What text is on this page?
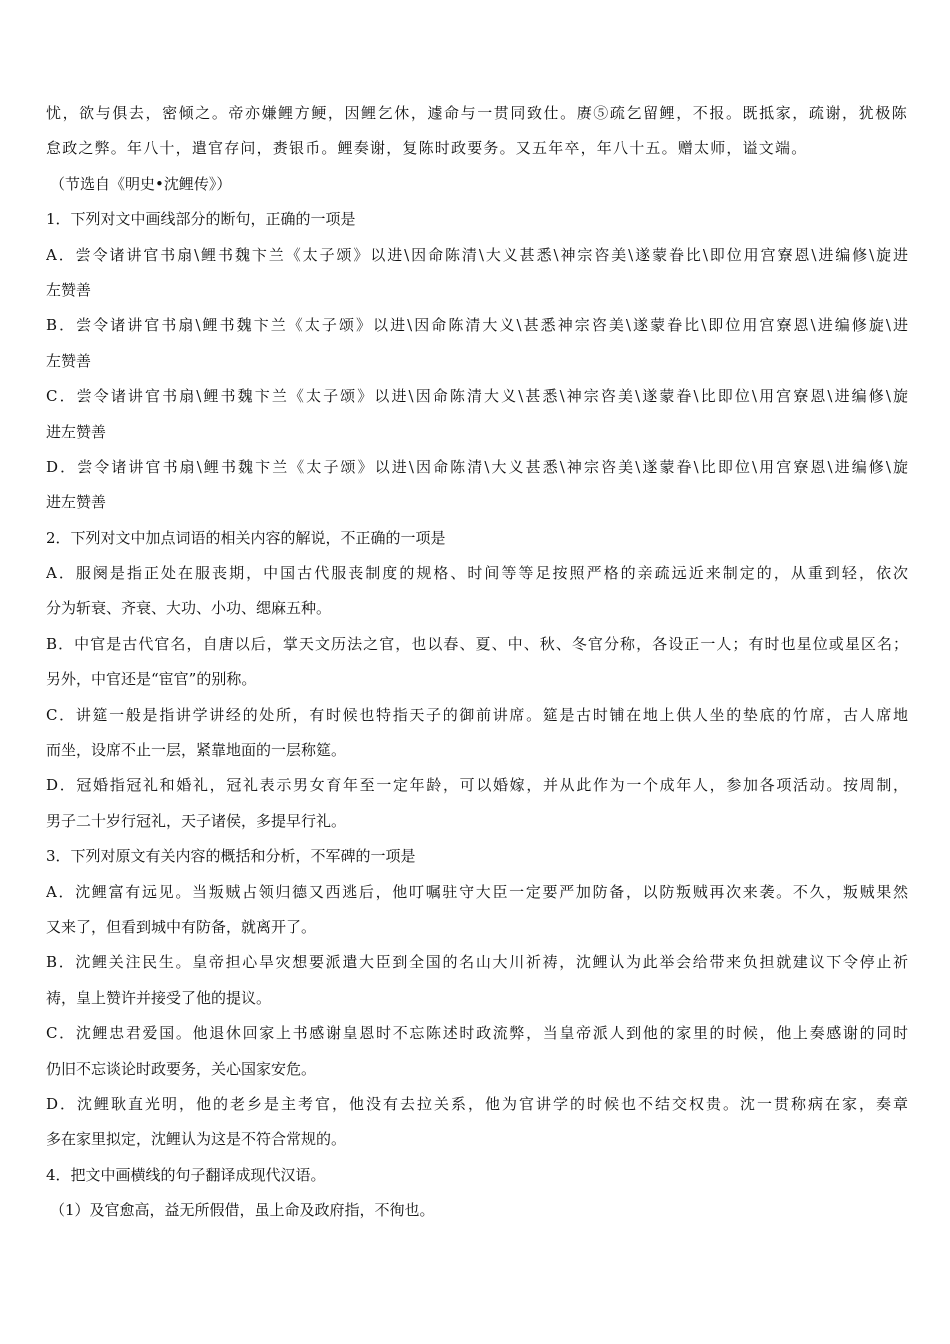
忧，欲与俱去，密倾之。帝亦嫌鲤方鲠，因鲤乞休，遽命与一贯同致仕。赓⑤疏乞留鲤，不报。既抵家，疏谢，犹极陈
怠政之弊。年八十，遣官存问，赉银币。鲤奏谢，复陈时政要务。又五年卒，年八十五。赠太师，谥文端。
（节选自《明史•沈鲤传》）
1．下列对文中画线部分的断句，正确的一项是
A．尝令诸讲官书扇\鲤书魏卞兰《太子颂》以进\因命陈清\大义甚悉\神宗咨美\遂蒙眷比\即位用宫寮恩\进编修\旋进
左赞善
B．尝令诸讲官书扇\鲤书魏卞兰《太子颂》以进\因命陈清大义\甚悉神宗咨美\遂蒙眷比\即位用宫寮恩\进编修旋\进
左赞善
C．尝令诸讲官书扇\鲤书魏卞兰《太子颂》以进\因命陈清大义\甚悉\神宗咨美\遂蒙眷\比即位\用宫寮恩\进编修\旋
进左赞善
D．尝令诸讲官书扇\鲤书魏卞兰《太子颂》以进\因命陈清\大义甚悉\神宗咨美\遂蒙眷\比即位\用宫寮恩\进编修\旋
进左赞善
2．下列对文中加点词语的相关内容的解说，不正确的一项是
A．服阕是指正处在服丧期，中国古代服丧制度的规格、时间等等足按照严格的亲疏远近来制定的，从重到轻，依次
分为斩衰、齐衰、大功、小功、缌麻五种。
B．中官是古代官名，自唐以后，掌天文历法之官，也以春、夏、中、秋、冬官分称，各设正一人；有时也星位或星区名；
另外，中官还是“宦官”的别称。
C．讲筵一般是指讲学讲经的处所，有时候也特指天子的御前讲席。筵是古时铺在地上供人坐的垫底的竹席，古人席地
而坐，设席不止一层，紧靠地面的一层称筵。
D．冠婚指冠礼和婚礼，冠礼表示男女育年至一定年龄，可以婚嫁，并从此作为一个成年人，参加各项活动。按周制，
男子二十岁行冠礼，天子诸侯，多提早行礼。
3．下列对原文有关内容的概括和分析，不军碑的一项是
A．沈鲤富有远见。当叛贼占领归德又西逃后，他叮嘱驻守大臣一定要严加防备，以防叛贼再次来袭。不久，叛贼果然
又来了，但看到城中有防备，就离开了。
B．沈鲤关注民生。皇帝担心旱灾想要派遣大臣到全国的名山大川祈祷，沈鲤认为此举会给带来负担就建议下令停止祈
祷，皇上赞许并接受了他的提议。
C．沈鲤忠君爱国。他退休回家上书感谢皇恩时不忘陈述时政流弊，当皇帝派人到他的家里的时候，他上奏感谢的同时
仍旧不忘谈论时政要务，关心国家安危。
D．沈鲤耿直光明，他的老乡是主考官，他没有去拉关系，他为官讲学的时候也不结交权贵。沈一贯称病在家，奏章
多在家里拟定，沈鲤认为这是不符合常规的。
4．把文中画横线的句子翻译成现代汉语。
（1）及官愈高，益无所假借，虽上命及政府指，不徇也。
